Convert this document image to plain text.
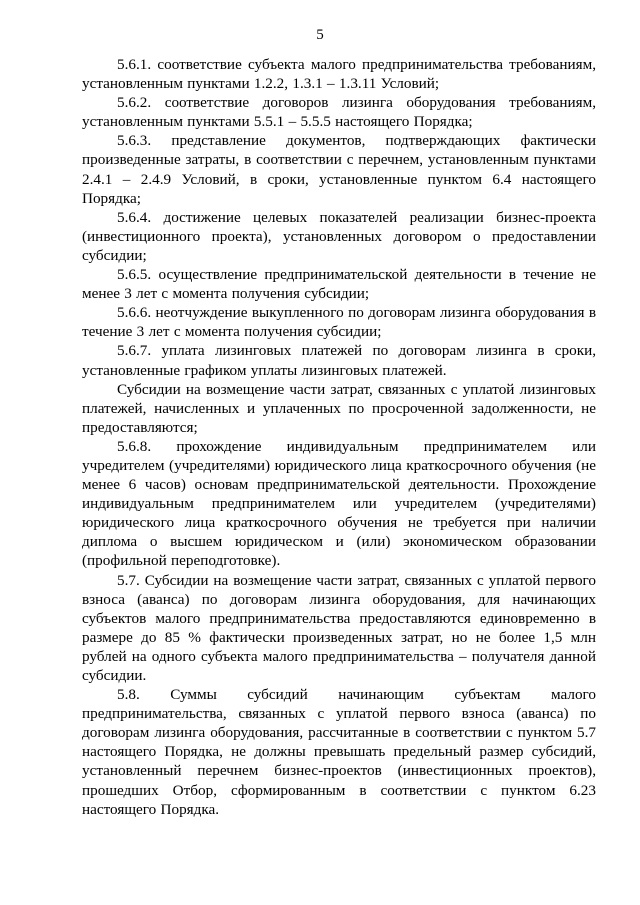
5

5.6.1. соответствие субъекта малого предпринимательства требованиям, установленным пунктами 1.2.2, 1.3.1 – 1.3.11 Условий;

5.6.2. соответствие договоров лизинга оборудования требованиям, установленным пунктами 5.5.1 – 5.5.5 настоящего Порядка;

5.6.3. представление документов, подтверждающих фактически произведенные затраты, в соответствии с перечнем, установленным пунктами 2.4.1 – 2.4.9 Условий, в сроки, установленные пунктом 6.4 настоящего Порядка;

5.6.4. достижение целевых показателей реализации бизнес-проекта (инвестиционного проекта), установленных договором о предоставлении субсидии;

5.6.5. осуществление предпринимательской деятельности в течение не менее 3 лет с момента получения субсидии;

5.6.6. неотчуждение выкупленного по договорам лизинга оборудования в течение 3 лет с момента получения субсидии;

5.6.7. уплата лизинговых платежей по договорам лизинга в сроки, установленные графиком уплаты лизинговых платежей.

Субсидии на возмещение части затрат, связанных с уплатой лизинговых платежей, начисленных и уплаченных по просроченной задолженности, не предоставляются;

5.6.8. прохождение индивидуальным предпринимателем или учредителем (учредителями) юридического лица краткосрочного обучения (не менее 6 часов) основам предпринимательской деятельности. Прохождение индивидуальным предпринимателем или учредителем (учредителями) юридического лица краткосрочного обучения не требуется при наличии диплома о высшем юридическом и (или) экономическом образовании (профильной переподготовке).

5.7. Субсидии на возмещение части затрат, связанных с уплатой первого взноса (аванса) по договорам лизинга оборудования, для начинающих субъектов малого предпринимательства предоставляются единовременно в размере до 85 % фактически произведенных затрат, но не более 1,5 млн рублей на одного субъекта малого предпринимательства – получателя данной субсидии.

5.8. Суммы субсидий начинающим субъектам малого предпринимательства, связанных с уплатой первого взноса (аванса) по договорам лизинга оборудования, рассчитанные в соответствии с пунктом 5.7 настоящего Порядка, не должны превышать предельный размер субсидий, установленный перечнем бизнес-проектов (инвестиционных проектов), прошедших Отбор, сформированным в соответствии с пунктом 6.23 настоящего Порядка.
